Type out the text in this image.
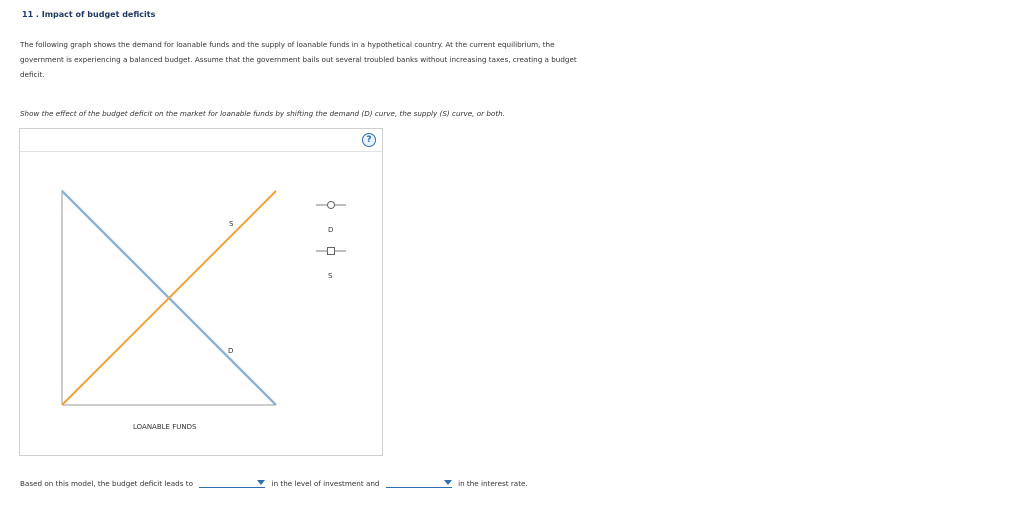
11 . Impact of budget deficits
The following graph shows the demand for loanable funds and the supply of loanable funds in a hypothetical country. At the current equilibrium, the
government is experiencing a balanced budget. Assume that the government bails out several troubled banks without increasing taxes, creating a budget
deficit.
Show the effect of the budget deficit on the market for loanable funds by shifting the demand (D) curve, the supply (S) curve, or both.
?
LOANABLE FUNDS
S
D
D
S
Based on this model, the budget deficit leads to	in the level of investment and	in the interest rate.
